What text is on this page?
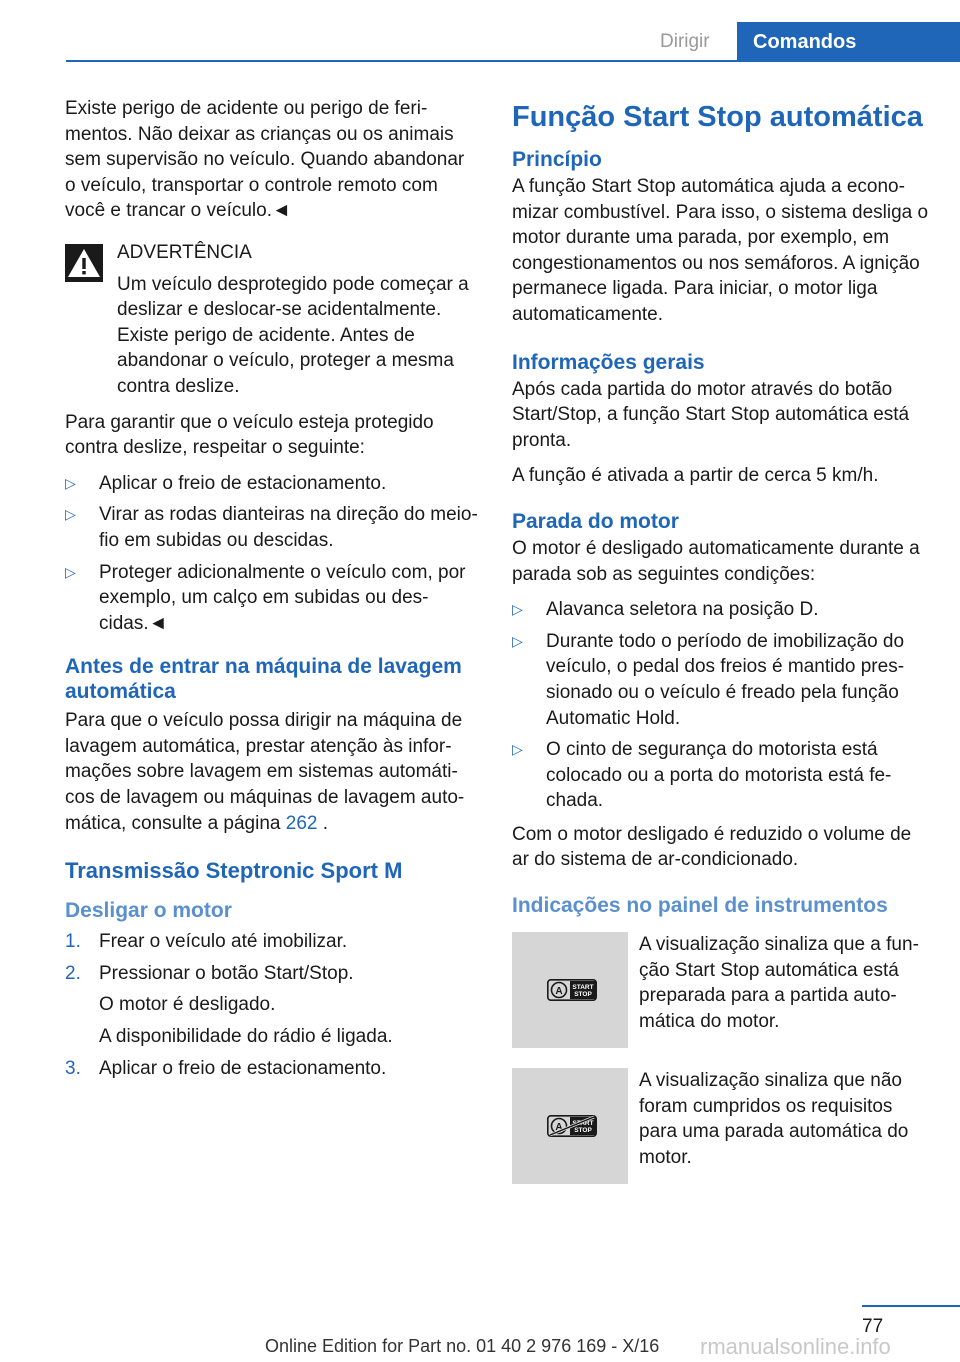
Dirigir	Comandos

Existe perigo de acidente ou perigo de ferimentos. Não deixar as crianças ou os animais sem supervisão no veículo. Quando abandonar o veículo, transportar o controle remoto com você e trancar o veículo.◄

ADVERTÊNCIA

Um veículo desprotegido pode começar a deslizar e deslocar-se acidentalmente. Existe perigo de acidente. Antes de abandonar o veículo, proteger a mesma contra deslize.

Para garantir que o veículo esteja protegido contra deslize, respeitar o seguinte:

▷ Aplicar o freio de estacionamento.
▷ Virar as rodas dianteiras na direção do meio-fio em subidas ou descidas.
▷ Proteger adicionalmente o veículo com, por exemplo, um calço em subidas ou descidas.◄
Antes de entrar na máquina de lavagem automática

Para que o veículo possa dirigir na máquina de lavagem automática, prestar atenção às informações sobre lavagem em sistemas automáticos de lavagem ou máquinas de lavagem automática, consulte a página 262 .

Transmissão Steptronic Sport M
Desligar o motor
1. Frear o veículo até imobilizar.
2. Pressionar o botão Start/Stop.
O motor é desligado.
A disponibilidade do rádio é ligada.
3. Aplicar o freio de estacionamento.
Função Start Stop automática
Princípio

A função Start Stop automática ajuda a economizar combustível. Para isso, o sistema desliga o motor durante uma parada, por exemplo, em congestionamentos ou nos semáforos. A ignição permanece ligada. Para iniciar, o motor liga automaticamente.

Informações gerais

Após cada partida do motor através do botão Start/Stop, a função Start Stop automática está pronta.

A função é ativada a partir de cerca 5 km/h.

Parada do motor

O motor é desligado automaticamente durante a parada sob as seguintes condições:

▷ Alavanca seletora na posição D.
▷ Durante todo o período de imobilização do veículo, o pedal dos freios é mantido pressionado ou o veículo é freado pela função Automatic Hold.
▷ O cinto de segurança do motorista está colocado ou a porta do motorista está fechada.

Com o motor desligado é reduzido o volume de ar do sistema de ar-condicionado.

Indicações no painel de instrumentos
A START
STOP
A visualização sinaliza que a função Start Stop automática está preparada para a partida automática do motor.
A START
STOP
A visualização sinaliza que não foram cumpridos os requisitos para uma parada automática do motor.
77
Online Edition for Part no. 01 40 2 976 169 - X/16 rmanualsonline.info
